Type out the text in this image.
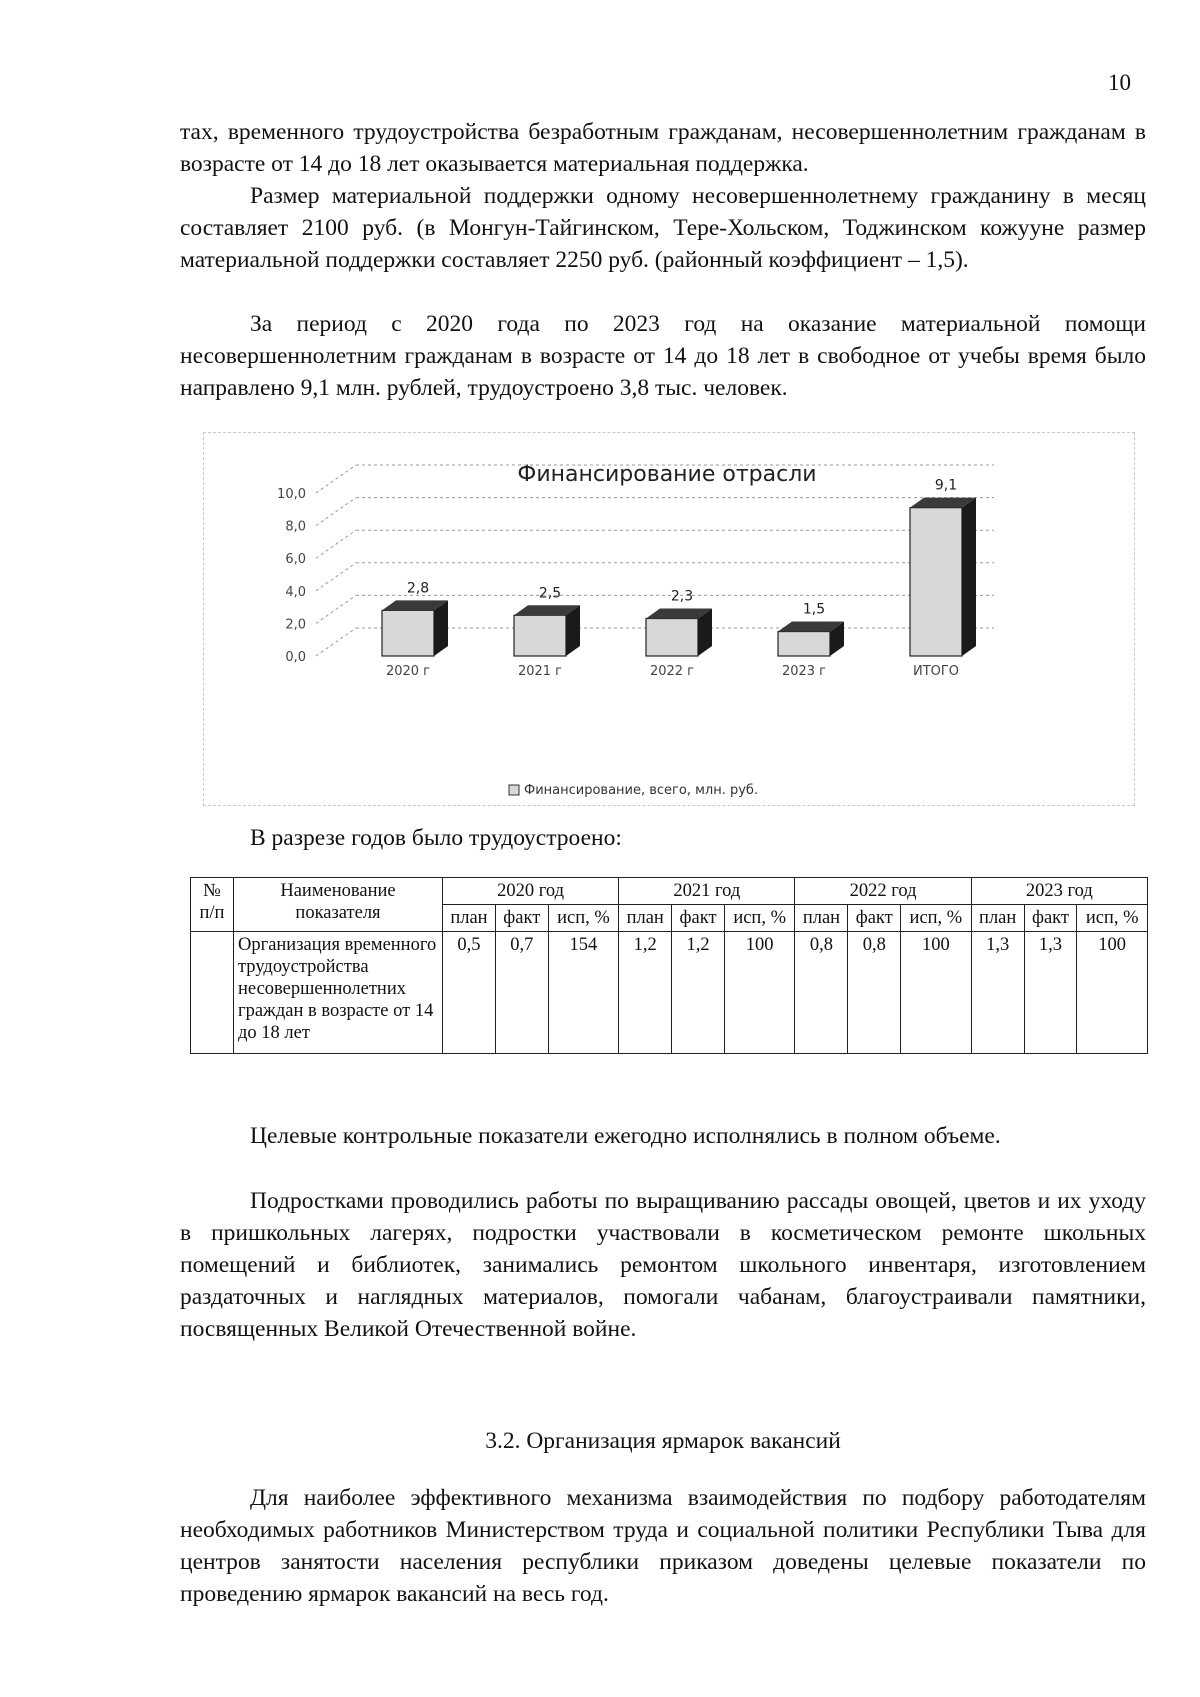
10

тах, временного трудоустройства безработным гражданам, несовершеннолетним гражданам в возрасте от 14 до 18 лет оказывается материальная поддержка.

Размер материальной поддержки одному несовершеннолетнему гражданину в месяц составляет 2100 руб. (в Монгун-Тайгинском, Тере-Хольском, Тоджинском кожууне размер материальной поддержки составляет 2250 руб. (районный коэффициент – 1,5).

За период с 2020 года по 2023 год на оказание материальной помощи несовершеннолетним гражданам в возрасте от 14 до 18 лет в свободное от учебы время было направлено 9,1 млн. рублей, трудоустроено 3,8 тыс. человек.

Финансирование отрасли
0,0
2,0
4,0
6,0
8,0
10,0
2,8	2,5	2,3
1,5
9,1
2020 г	2021 г	2022 г	2023 г	ИТОГО
Финансирование, всего, млн. руб.

В разрезе годов было трудоустроено:

№ п/п	Наименование показателя	2020 год			2021 год			2022 год			2023 год		
		план	факт	исп, %	план	факт	исп, %	план	факт	исп, %	план	факт	исп, %
	Организация временного трудоустройства несовершеннолетних граждан в возрасте от 14 до 18 лет	0,5	0,7	154	1,2	1,2	100	0,8	0,8	100	1,3	1,3	100

Целевые контрольные показатели ежегодно исполнялись в полном объеме.

Подростками проводились работы по выращиванию рассады овощей, цветов и их уходу в пришкольных лагерях, подростки участвовали в косметическом ремонте школьных помещений и библиотек, занимались ремонтом школьного инвентаря, изготовлением раздаточных и наглядных материалов, помогали чабанам, благоустраивали памятники, посвященных Великой Отечественной войне.

3.2. Организация ярмарок вакансий

Для наиболее эффективного механизма взаимодействия по подбору работодателям необходимых работников Министерством труда и социальной политики Республики Тыва для центров занятости населения республики приказом доведены целевые показатели по проведению ярмарок вакансий на весь год.
